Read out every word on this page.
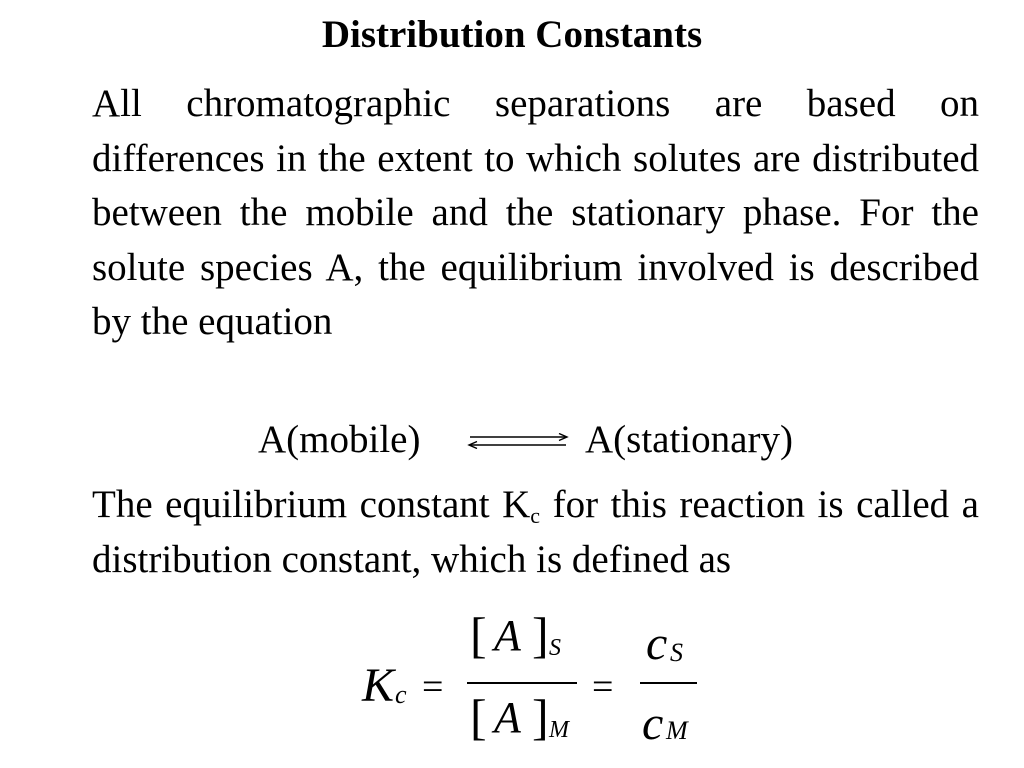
Distribution Constants

All chromatographic separations are based on differences in the extent to which solutes are distributed between the mobile and the stationary phase. For the solute species A, the equilibrium involved is described by the equation

A(mobile) ⇌ A(stationary)

The equilibrium constant $K_c$ for this reaction is called a distribution constant, which is defined as

K c =
[ A ] S
[ A ] M
=
c S
c M
